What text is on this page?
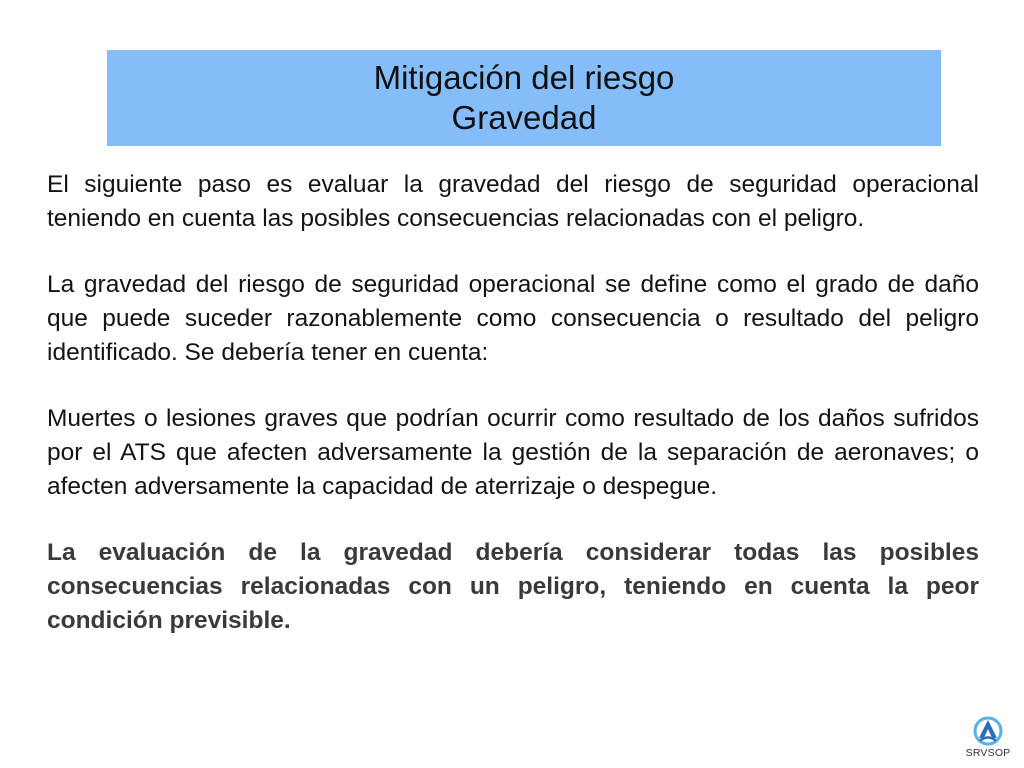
Mitigación del riesgo
Gravedad

El siguiente paso es evaluar la gravedad del riesgo de seguridad operacional teniendo en cuenta las posibles consecuencias relacionadas con el peligro.

La gravedad del riesgo de seguridad operacional se define como el grado de daño que puede suceder razonablemente como consecuencia o resultado del peligro identificado. Se debería tener en cuenta:

Muertes o lesiones graves que podrían ocurrir como resultado de los daños sufridos por el ATS que afecten adversamente la gestión de la separación de aeronaves; o afecten adversamente la capacidad de aterrizaje o despegue.

La evaluación de la gravedad debería considerar todas las posibles consecuencias relacionadas con un peligro, teniendo en cuenta la peor condición previsible.

SRVSOP
